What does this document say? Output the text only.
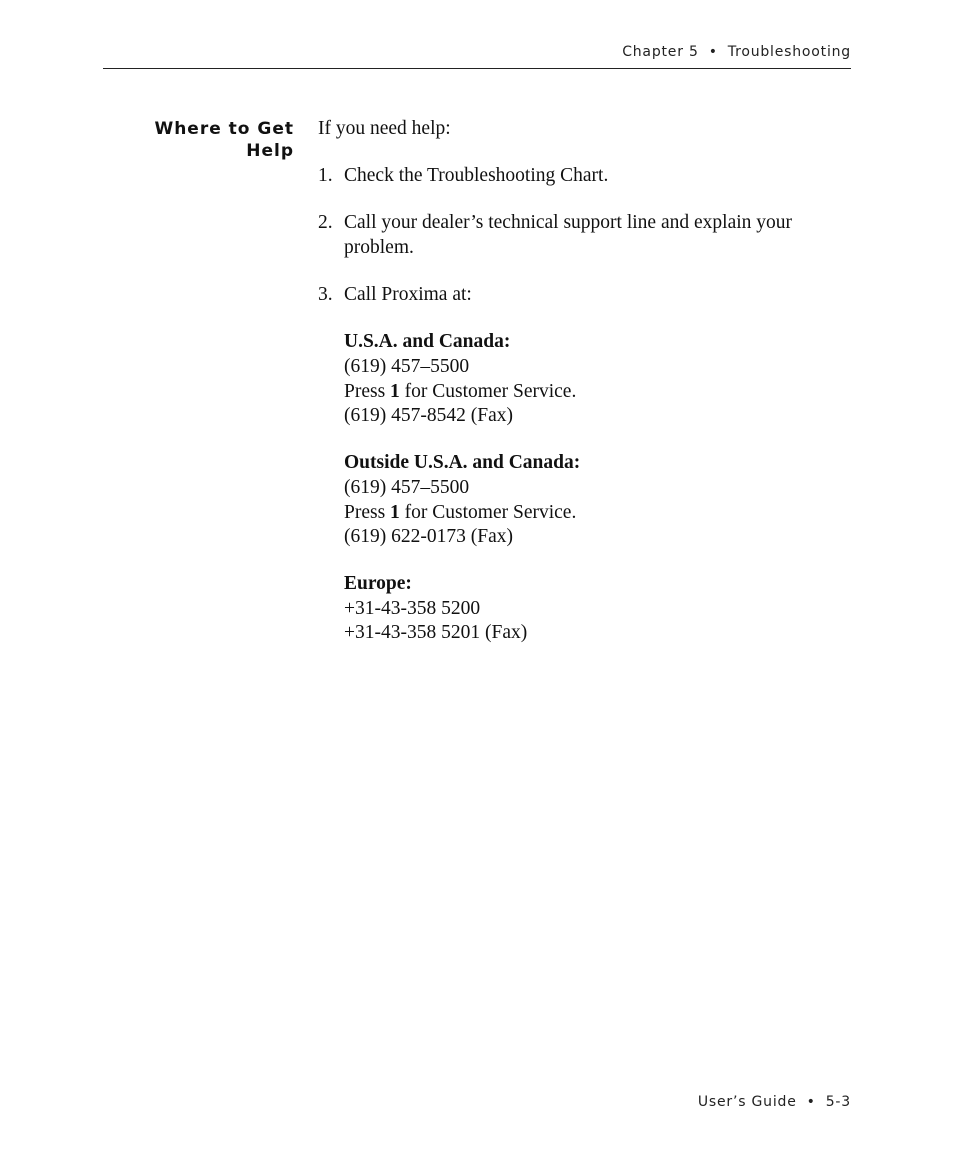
Chapter 5 • Troubleshooting
Where to Get
Help

If you need help:

1. Check the Troubleshooting Chart.
2. Call your dealer’s technical support line and explain your problem.
3. Call Proxima at:
U.S.A. and Canada:
(619) 457–5500
Press 1 for Customer Service.
(619) 457-8542 (Fax)
Outside U.S.A. and Canada:
(619) 457–5500
Press 1 for Customer Service.
(619) 622-0173 (Fax)
Europe:
+31-43-358 5200
+31-43-358 5201 (Fax)
User’s Guide • 5-3
